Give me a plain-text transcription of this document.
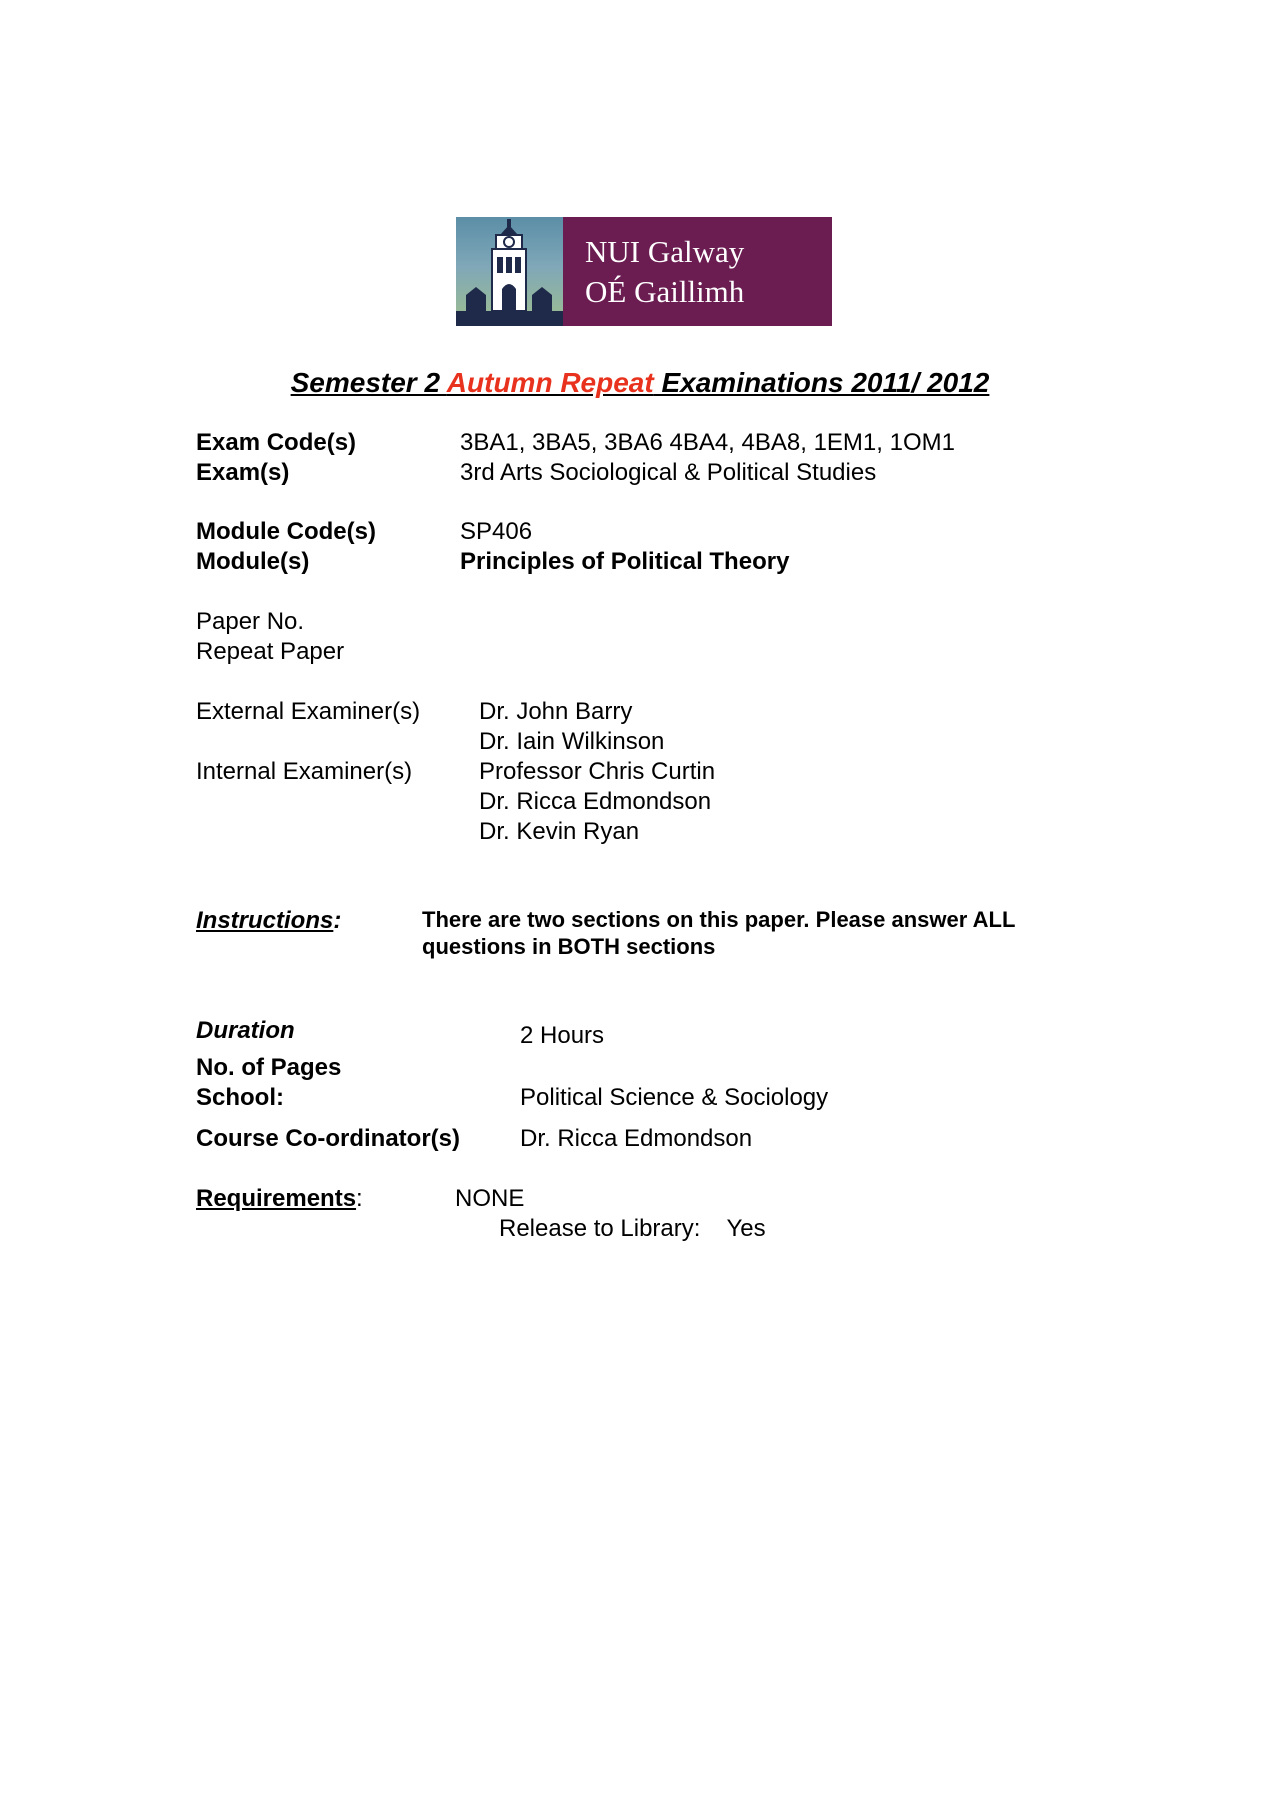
NUI Galway
OÉ Gaillimh
Semester 2 Autumn Repeat Examinations 2011/ 2012
Exam Code(s)	3BA1, 3BA5, 3BA6 4BA4, 4BA8, 1EM1, 1OM1
Exam(s)	3rd Arts Sociological & Political Studies
Module Code(s)	SP406
Module(s)	Principles of Political Theory
Paper No.
Repeat Paper
External Examiner(s) Dr. John Barry
Dr. Iain Wilkinson
Internal Examiner(s)	Professor Chris Curtin
Dr. Ricca Edmondson
Dr. Kevin Ryan
Instructions:	There are two sections on this paper. Please answer ALL
questions in BOTH sections
Duration	2 Hours
No. of Pages
School:	Political Science & Sociology
Course Co-ordinator(s)	Dr. Ricca Edmondson
Requirements:	NONE
Release to Library: Yes
